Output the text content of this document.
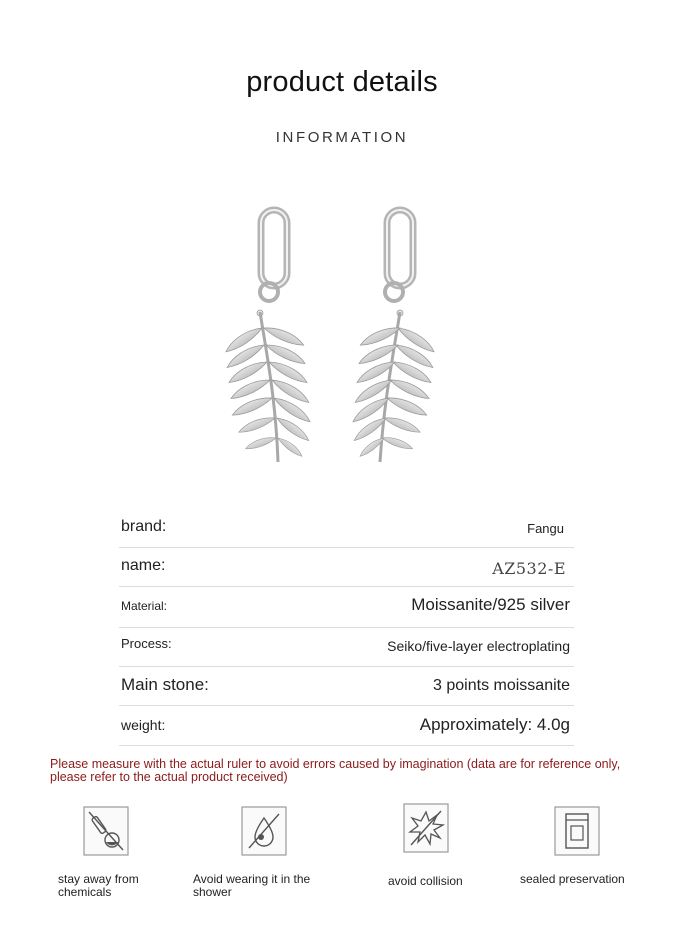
product details
INFORMATION
brand:	Fangu
name:	AZ532-E
Material:	Moissanite/925 silver
Process:	Seiko/five-layer electroplating
Main stone:	3 points moissanite
weight:	Approximately: 4.0g
Please measure with the actual ruler to avoid errors caused by imagination (data are for reference only, please refer to the actual product received)
stay away from chemicals
Avoid wearing it in the shower
avoid collision	sealed preservation
